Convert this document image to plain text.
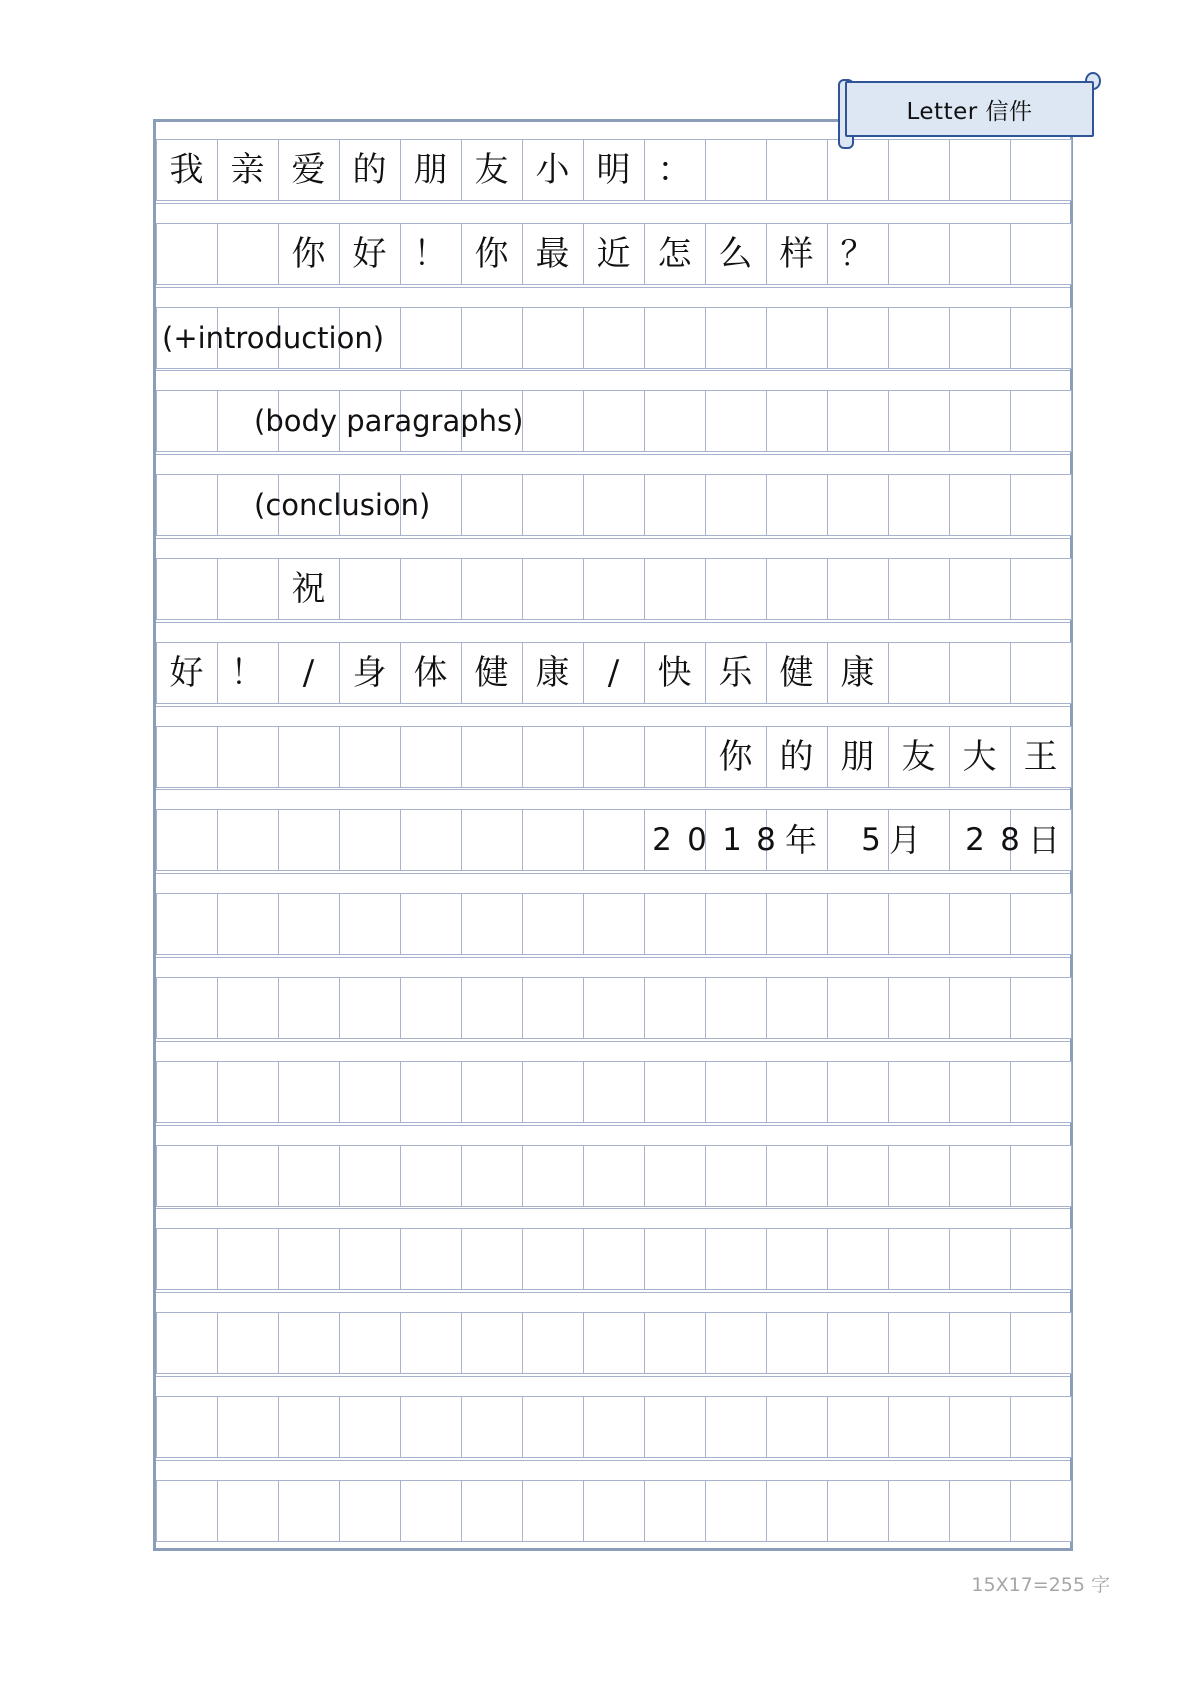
我 亲 爱 的 朋 友 小 明 ：
你 好 ！ 你 最 近 怎 么 样 ？
(+introduction)
(body paragraphs)
(conclusion)
祝
好 ！	/	身 体 健 康	/	快 乐 健 康
你 的 朋 友 大 王
2 0 1 8 年 5 月 2 8 日
Letter 信件
15X17=255 字
